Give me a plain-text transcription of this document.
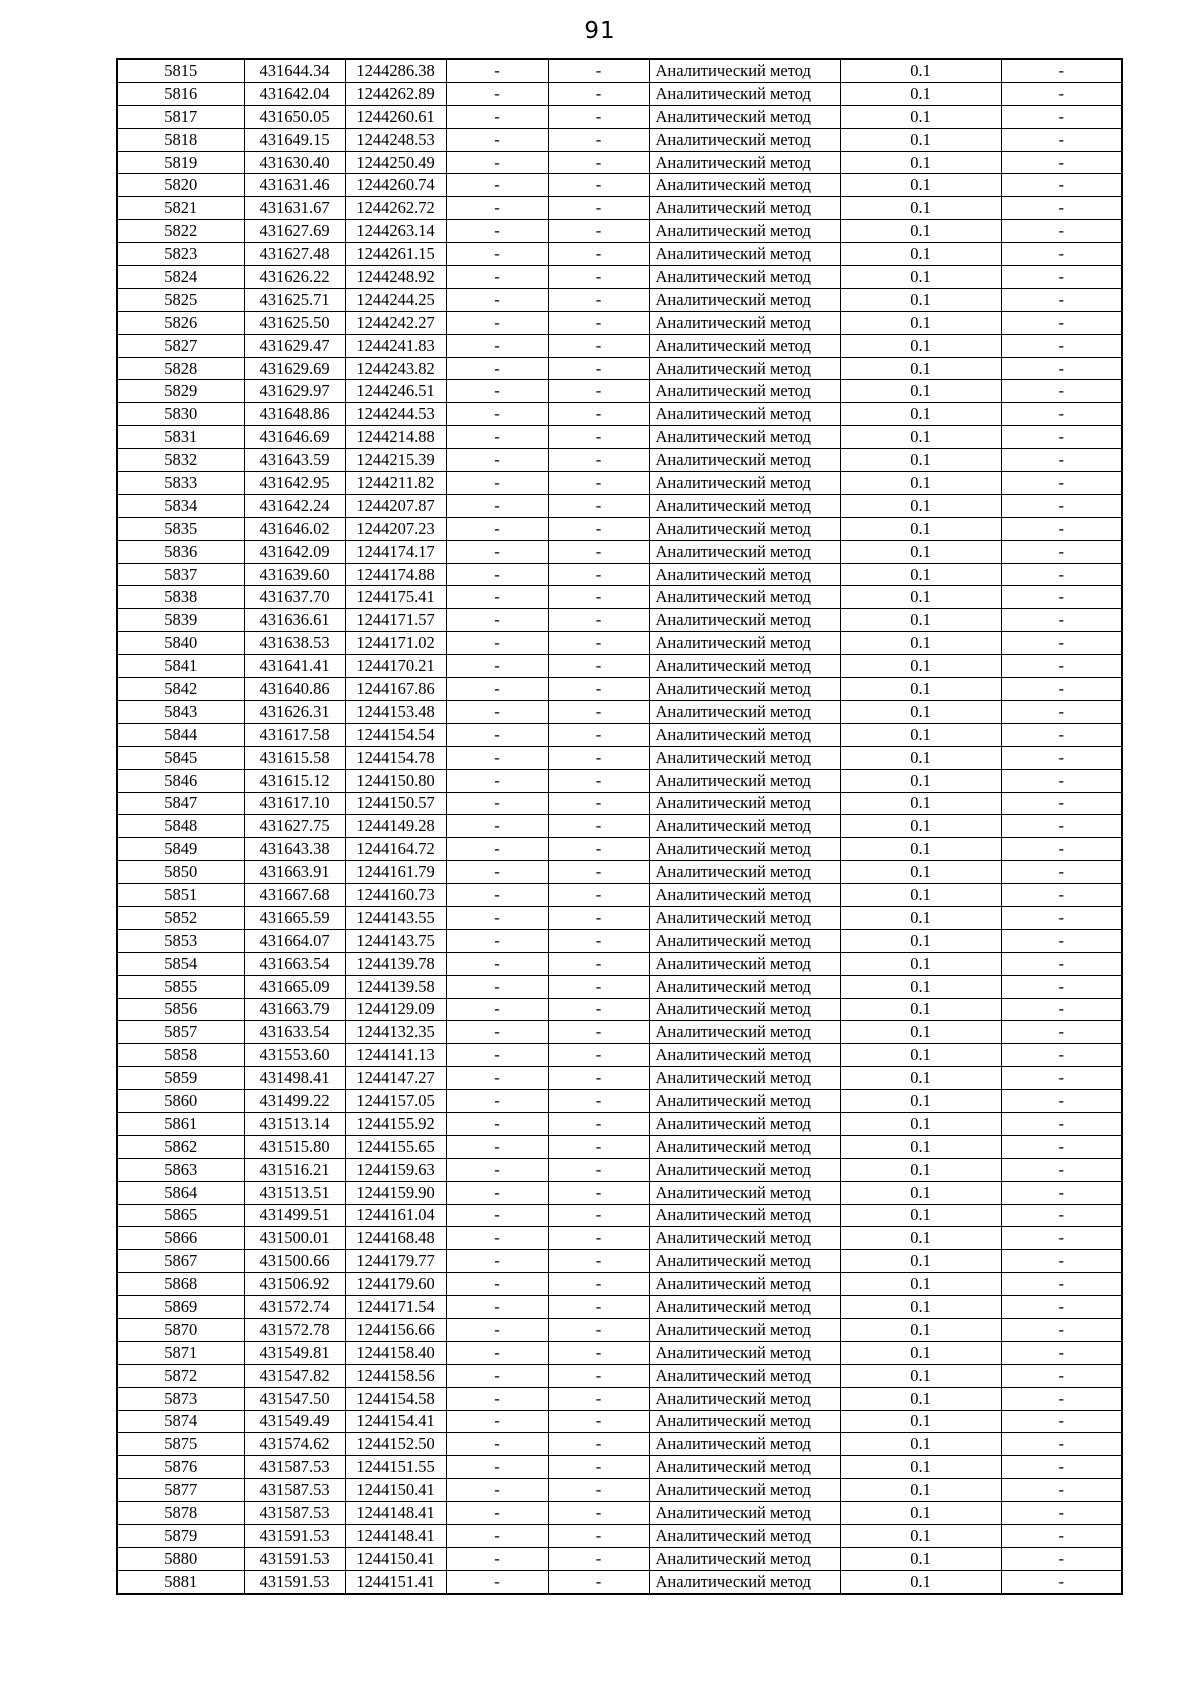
91
5815	431644.34	1244286.38	-	-	Аналитический метод	0.1	-
5816	431642.04	1244262.89	-	-	Аналитический метод	0.1	-
5817	431650.05	1244260.61	-	-	Аналитический метод	0.1	-
5818	431649.15	1244248.53	-	-	Аналитический метод	0.1	-
5819	431630.40	1244250.49	-	-	Аналитический метод	0.1	-
5820	431631.46	1244260.74	-	-	Аналитический метод	0.1	-
5821	431631.67	1244262.72	-	-	Аналитический метод	0.1	-
5822	431627.69	1244263.14	-	-	Аналитический метод	0.1	-
5823	431627.48	1244261.15	-	-	Аналитический метод	0.1	-
5824	431626.22	1244248.92	-	-	Аналитический метод	0.1	-
5825	431625.71	1244244.25	-	-	Аналитический метод	0.1	-
5826	431625.50	1244242.27	-	-	Аналитический метод	0.1	-
5827	431629.47	1244241.83	-	-	Аналитический метод	0.1	-
5828	431629.69	1244243.82	-	-	Аналитический метод	0.1	-
5829	431629.97	1244246.51	-	-	Аналитический метод	0.1	-
5830	431648.86	1244244.53	-	-	Аналитический метод	0.1	-
5831	431646.69	1244214.88	-	-	Аналитический метод	0.1	-
5832	431643.59	1244215.39	-	-	Аналитический метод	0.1	-
5833	431642.95	1244211.82	-	-	Аналитический метод	0.1	-
5834	431642.24	1244207.87	-	-	Аналитический метод	0.1	-
5835	431646.02	1244207.23	-	-	Аналитический метод	0.1	-
5836	431642.09	1244174.17	-	-	Аналитический метод	0.1	-
5837	431639.60	1244174.88	-	-	Аналитический метод	0.1	-
5838	431637.70	1244175.41	-	-	Аналитический метод	0.1	-
5839	431636.61	1244171.57	-	-	Аналитический метод	0.1	-
5840	431638.53	1244171.02	-	-	Аналитический метод	0.1	-
5841	431641.41	1244170.21	-	-	Аналитический метод	0.1	-
5842	431640.86	1244167.86	-	-	Аналитический метод	0.1	-
5843	431626.31	1244153.48	-	-	Аналитический метод	0.1	-
5844	431617.58	1244154.54	-	-	Аналитический метод	0.1	-
5845	431615.58	1244154.78	-	-	Аналитический метод	0.1	-
5846	431615.12	1244150.80	-	-	Аналитический метод	0.1	-
5847	431617.10	1244150.57	-	-	Аналитический метод	0.1	-
5848	431627.75	1244149.28	-	-	Аналитический метод	0.1	-
5849	431643.38	1244164.72	-	-	Аналитический метод	0.1	-
5850	431663.91	1244161.79	-	-	Аналитический метод	0.1	-
5851	431667.68	1244160.73	-	-	Аналитический метод	0.1	-
5852	431665.59	1244143.55	-	-	Аналитический метод	0.1	-
5853	431664.07	1244143.75	-	-	Аналитический метод	0.1	-
5854	431663.54	1244139.78	-	-	Аналитический метод	0.1	-
5855	431665.09	1244139.58	-	-	Аналитический метод	0.1	-
5856	431663.79	1244129.09	-	-	Аналитический метод	0.1	-
5857	431633.54	1244132.35	-	-	Аналитический метод	0.1	-
5858	431553.60	1244141.13	-	-	Аналитический метод	0.1	-
5859	431498.41	1244147.27	-	-	Аналитический метод	0.1	-
5860	431499.22	1244157.05	-	-	Аналитический метод	0.1	-
5861	431513.14	1244155.92	-	-	Аналитический метод	0.1	-
5862	431515.80	1244155.65	-	-	Аналитический метод	0.1	-
5863	431516.21	1244159.63	-	-	Аналитический метод	0.1	-
5864	431513.51	1244159.90	-	-	Аналитический метод	0.1	-
5865	431499.51	1244161.04	-	-	Аналитический метод	0.1	-
5866	431500.01	1244168.48	-	-	Аналитический метод	0.1	-
5867	431500.66	1244179.77	-	-	Аналитический метод	0.1	-
5868	431506.92	1244179.60	-	-	Аналитический метод	0.1	-
5869	431572.74	1244171.54	-	-	Аналитический метод	0.1	-
5870	431572.78	1244156.66	-	-	Аналитический метод	0.1	-
5871	431549.81	1244158.40	-	-	Аналитический метод	0.1	-
5872	431547.82	1244158.56	-	-	Аналитический метод	0.1	-
5873	431547.50	1244154.58	-	-	Аналитический метод	0.1	-
5874	431549.49	1244154.41	-	-	Аналитический метод	0.1	-
5875	431574.62	1244152.50	-	-	Аналитический метод	0.1	-
5876	431587.53	1244151.55	-	-	Аналитический метод	0.1	-
5877	431587.53	1244150.41	-	-	Аналитический метод	0.1	-
5878	431587.53	1244148.41	-	-	Аналитический метод	0.1	-
5879	431591.53	1244148.41	-	-	Аналитический метод	0.1	-
5880	431591.53	1244150.41	-	-	Аналитический метод	0.1	-
5881	431591.53	1244151.41	-	-	Аналитический метод	0.1	-
